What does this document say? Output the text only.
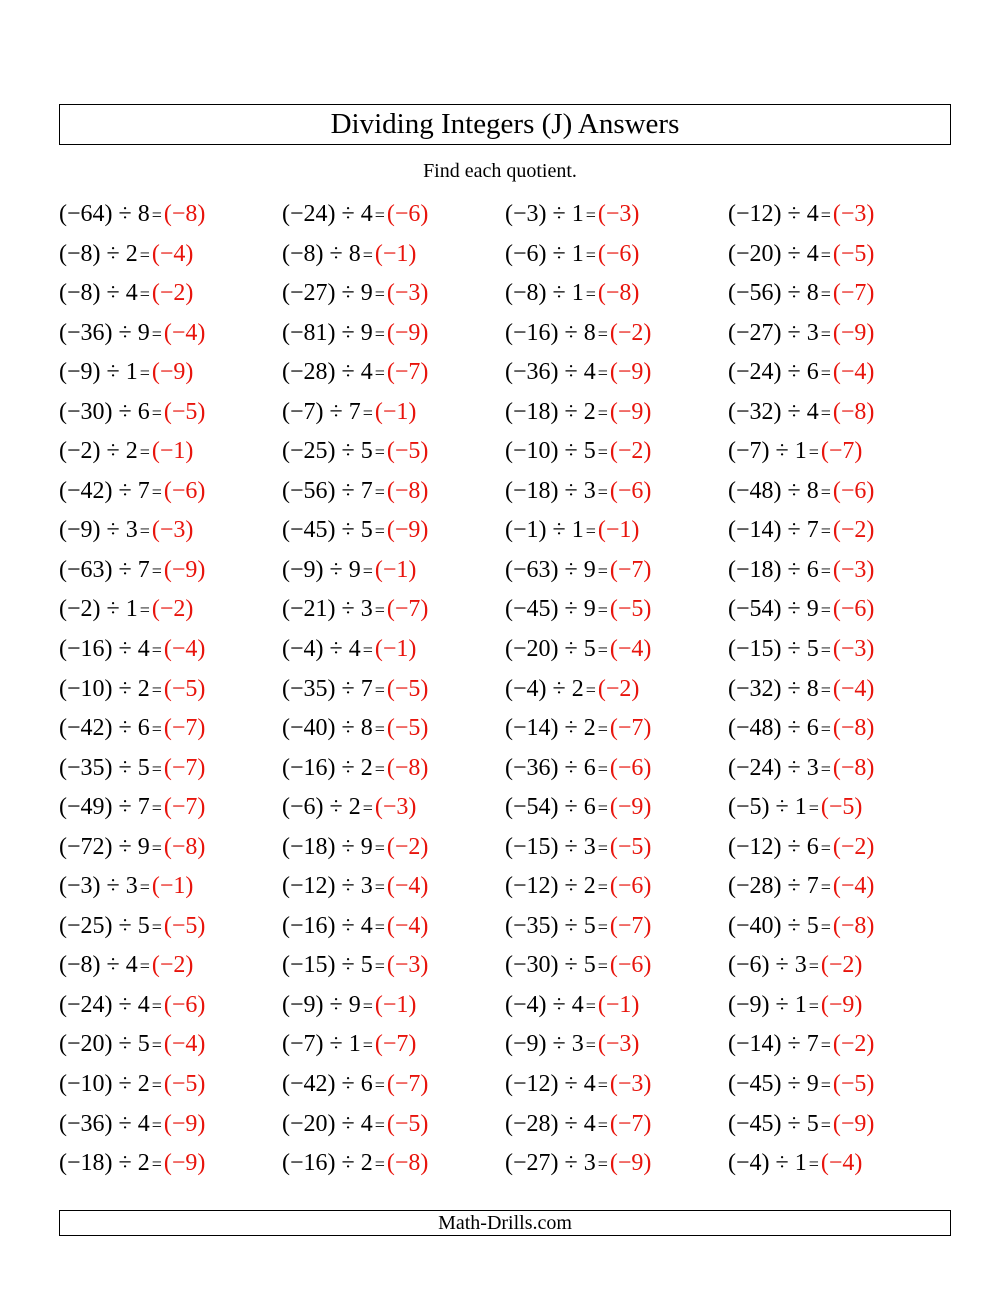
Dividing Integers (J) Answers
Find each quotient.
(−64) ÷ 8 =(−8)	(−24) ÷ 4 =(−6)	(−3) ÷ 1 =(−3)	(−12) ÷ 4 =(−3)
(−8) ÷ 2 =(−4)	(−8) ÷ 8 =(−1)	(−6) ÷ 1 =(−6)	(−20) ÷ 4 =(−5)
(−8) ÷ 4 =(−2)	(−27) ÷ 9 =(−3)	(−8) ÷ 1 =(−8)	(−56) ÷ 8 =(−7)
(−36) ÷ 9 =(−4)	(−81) ÷ 9 =(−9)	(−16) ÷ 8 =(−2)	(−27) ÷ 3 =(−9)
(−9) ÷ 1 =(−9)	(−28) ÷ 4 =(−7)	(−36) ÷ 4 =(−9)	(−24) ÷ 6 =(−4)
(−30) ÷ 6 =(−5)	(−7) ÷ 7 =(−1)	(−18) ÷ 2 =(−9)	(−32) ÷ 4 =(−8)
(−2) ÷ 2 =(−1)	(−25) ÷ 5 =(−5)	(−10) ÷ 5 =(−2)	(−7) ÷ 1 =(−7)
(−42) ÷ 7 =(−6)	(−56) ÷ 7 =(−8)	(−18) ÷ 3 =(−6)	(−48) ÷ 8 =(−6)
(−9) ÷ 3 =(−3)	(−45) ÷ 5 =(−9)	(−1) ÷ 1 =(−1)	(−14) ÷ 7 =(−2)
(−63) ÷ 7 =(−9)	(−9) ÷ 9 =(−1)	(−63) ÷ 9 =(−7)	(−18) ÷ 6 =(−3)
(−2) ÷ 1 =(−2)	(−21) ÷ 3 =(−7)	(−45) ÷ 9 =(−5)	(−54) ÷ 9 =(−6)
(−16) ÷ 4 =(−4)	(−4) ÷ 4 =(−1)	(−20) ÷ 5 =(−4)	(−15) ÷ 5 =(−3)
(−10) ÷ 2 =(−5)	(−35) ÷ 7 =(−5)	(−4) ÷ 2 =(−2)	(−32) ÷ 8 =(−4)
(−42) ÷ 6 =(−7)	(−40) ÷ 8 =(−5)	(−14) ÷ 2 =(−7)	(−48) ÷ 6 =(−8)
(−35) ÷ 5 =(−7)	(−16) ÷ 2 =(−8)	(−36) ÷ 6 =(−6)	(−24) ÷ 3 =(−8)
(−49) ÷ 7 =(−7)	(−6) ÷ 2 =(−3)	(−54) ÷ 6 =(−9)	(−5) ÷ 1 =(−5)
(−72) ÷ 9 =(−8)	(−18) ÷ 9 =(−2)	(−15) ÷ 3 =(−5)	(−12) ÷ 6 =(−2)
(−3) ÷ 3 =(−1)	(−12) ÷ 3 =(−4)	(−12) ÷ 2 =(−6)	(−28) ÷ 7 =(−4)
(−25) ÷ 5 =(−5)	(−16) ÷ 4 =(−4)	(−35) ÷ 5 =(−7)	(−40) ÷ 5 =(−8)
(−8) ÷ 4 =(−2)	(−15) ÷ 5 =(−3)	(−30) ÷ 5 =(−6)	(−6) ÷ 3 =(−2)
(−24) ÷ 4 =(−6)	(−9) ÷ 9 =(−1)	(−4) ÷ 4 =(−1)	(−9) ÷ 1 =(−9)
(−20) ÷ 5 =(−4)	(−7) ÷ 1 =(−7)	(−9) ÷ 3 =(−3)	(−14) ÷ 7 =(−2)
(−10) ÷ 2 =(−5)	(−42) ÷ 6 =(−7)	(−12) ÷ 4 =(−3)	(−45) ÷ 9 =(−5)
(−36) ÷ 4 =(−9)	(−20) ÷ 4 =(−5)	(−28) ÷ 4 =(−7)	(−45) ÷ 5 =(−9)
(−18) ÷ 2 =(−9)	(−16) ÷ 2 =(−8)	(−27) ÷ 3 =(−9)	(−4) ÷ 1 =(−4)
Math-Drills.com
